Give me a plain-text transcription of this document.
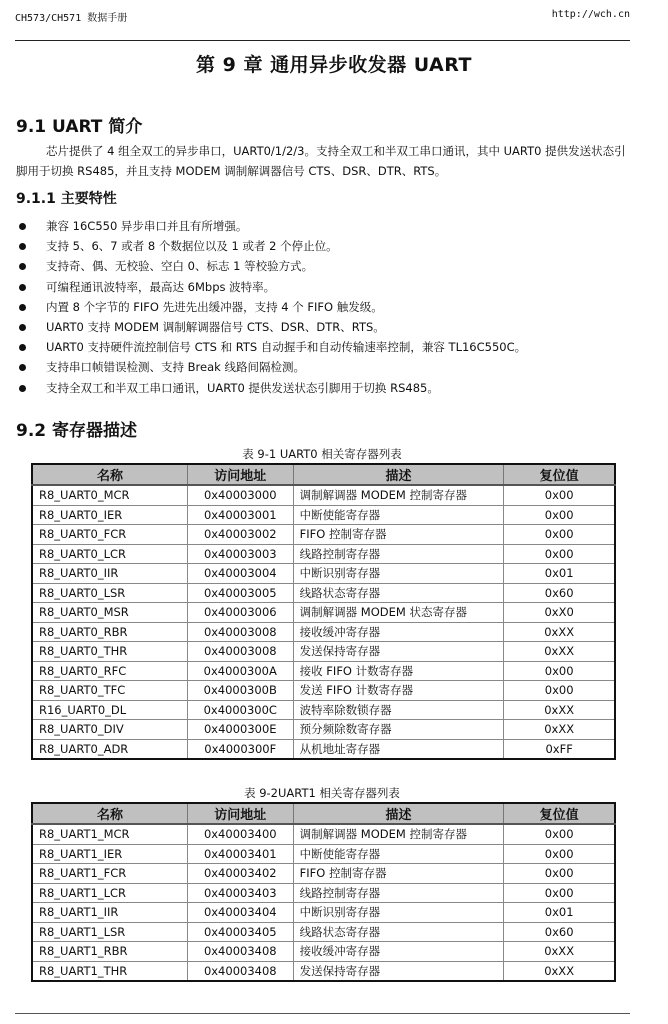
CH573/CH571 数据手册	http://wch.cn
第 9 章 通用异步收发器 UART
9.1 UART 简介
芯片提供了 4 组全双工的异步串口，UART0/1/2/3。支持全双工和半双工串口通讯，其中 UART0 提供发送状态引脚用于切换 RS485，并且支持 MODEM 调制解调器信号 CTS、DSR、DTR、RTS。
9.1.1 主要特性
兼容 16C550 异步串口并且有所增强。
支持 5、6、7 或者 8 个数据位以及 1 或者 2 个停止位。
支持奇、偶、无校验、空白 0、标志 1 等校验方式。
可编程通讯波特率，最高达 6Mbps 波特率。
内置 8 个字节的 FIFO 先进先出缓冲器，支持 4 个 FIFO 触发级。
UART0 支持 MODEM 调制解调器信号 CTS、DSR、DTR、RTS。
UART0 支持硬件流控制信号 CTS 和 RTS 自动握手和自动传输速率控制，兼容 TL16C550C。
支持串口帧错误检测、支持 Break 线路间隔检测。
支持全双工和半双工串口通讯，UART0 提供发送状态引脚用于切换 RS485。
9.2 寄存器描述
表 9-1 UART0 相关寄存器列表
名称	访问地址	描述	复位值
R8_UART0_MCR	0x40003000	调制解调器 MODEM 控制寄存器	0x00
R8_UART0_IER	0x40003001	中断使能寄存器	0x00
R8_UART0_FCR	0x40003002	FIFO 控制寄存器	0x00
R8_UART0_LCR	0x40003003	线路控制寄存器	0x00
R8_UART0_IIR	0x40003004	中断识别寄存器	0x01
R8_UART0_LSR	0x40003005	线路状态寄存器	0x60
R8_UART0_MSR	0x40003006	调制解调器 MODEM 状态寄存器	0xX0
R8_UART0_RBR	0x40003008	接收缓冲寄存器	0xXX
R8_UART0_THR	0x40003008	发送保持寄存器	0xXX
R8_UART0_RFC	0x4000300A	接收 FIFO 计数寄存器	0x00
R8_UART0_TFC	0x4000300B	发送 FIFO 计数寄存器	0x00
R16_UART0_DL	0x4000300C	波特率除数锁存器	0xXX
R8_UART0_DIV	0x4000300E	预分频除数寄存器	0xXX
R8_UART0_ADR	0x4000300F	从机地址寄存器	0xFF
表 9-2UART1 相关寄存器列表
名称	访问地址	描述	复位值
R8_UART1_MCR	0x40003400	调制解调器 MODEM 控制寄存器	0x00
R8_UART1_IER	0x40003401	中断使能寄存器	0x00
R8_UART1_FCR	0x40003402	FIFO 控制寄存器	0x00
R8_UART1_LCR	0x40003403	线路控制寄存器	0x00
R8_UART1_IIR	0x40003404	中断识别寄存器	0x01
R8_UART1_LSR	0x40003405	线路状态寄存器	0x60
R8_UART1_RBR	0x40003408	接收缓冲寄存器	0xXX
R8_UART1_THR	0x40003408	发送保持寄存器	0xXX
